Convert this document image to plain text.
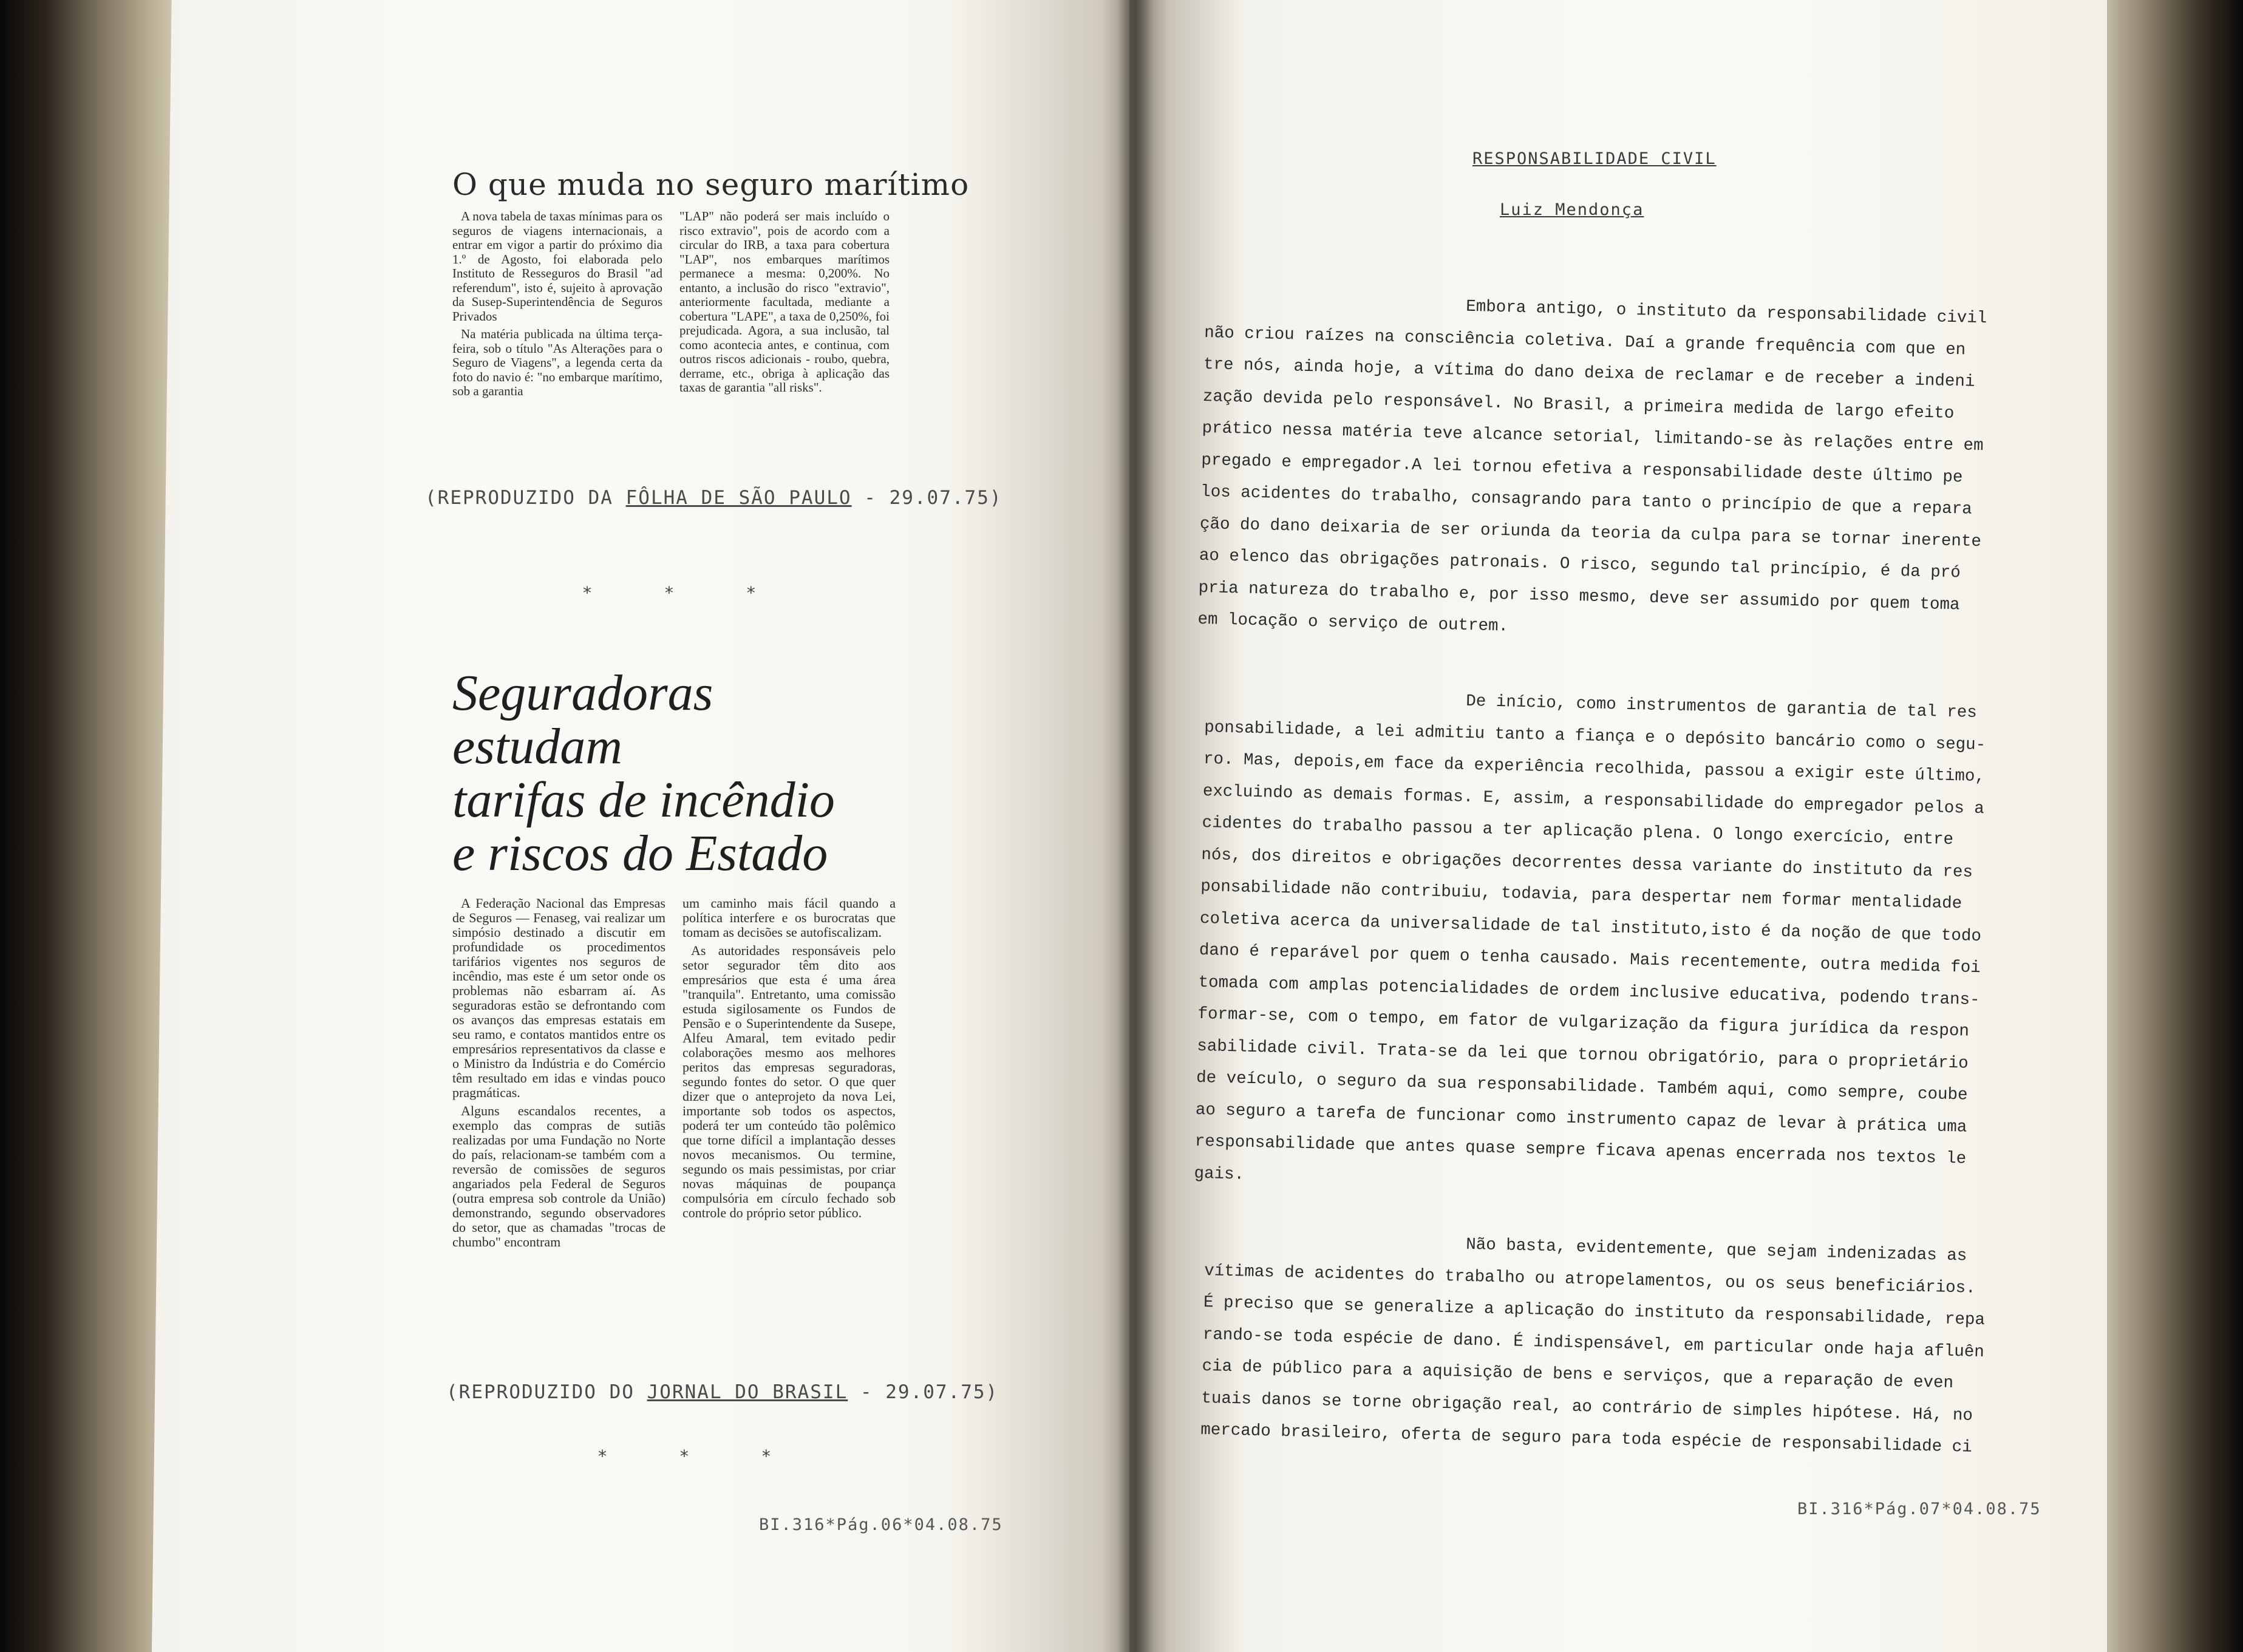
O que muda no seguro marítimo

A nova tabela de taxas mínimas para os seguros de viagens internacionais, a entrar em vigor a partir do próximo dia 1.º de Agosto, foi elaborada pelo Instituto de Resseguros do Brasil "ad referendum", isto é, sujeito à aprovação da Susep-Superintendência de Seguros Privados

Na matéria publicada na última terça-feira, sob o título "As Alterações para o Seguro de Viagens", a legenda certa da foto do navio é: "no embarque marítimo, sob a garantia

"LAP" não poderá ser mais incluído o risco extravio", pois de acordo com a circular do IRB, a taxa para cobertura "LAP", nos embarques marítimos permanece a mesma: 0,200%. No entanto, a inclusão do risco "extravio", anteriormente facultada, mediante a cobertura "LAPE", a taxa de 0,250%, foi prejudicada. Agora, a sua inclusão, tal como acontecia antes, e continua, com outros riscos adicionais - roubo, quebra, derrame, etc., obriga à aplicação das taxas de garantia "all risks".

(REPRODUZIDO DA FÔLHA DE SÃO PAULO - 29.07.75)
* * *
Seguradoras estudam
tarifas de incêndio
e riscos do Estado

A Federação Nacional das Empresas de Seguros — Fenaseg, vai realizar um simpósio destinado a discutir em profundidade os procedimentos tarifários vigentes nos seguros de incêndio, mas este é um setor onde os problemas não esbarram aí. As seguradoras estão se defrontando com os avanços das empresas estatais em seu ramo, e contatos mantidos entre os empresários representativos da classe e o Ministro da Indústria e do Comércio têm resultado em idas e vindas pouco pragmáticas.

Alguns escandalos recentes, a exemplo das compras de sutiãs realizadas por uma Fundação no Norte do país, relacionam-se também com a reversão de comissões de seguros angariados pela Federal de Seguros (outra empresa sob controle da União) demonstrando, segundo observadores do setor, que as chamadas "trocas de chumbo" encontram

um caminho mais fácil quando a política interfere e os burocratas que tomam as decisões se autofiscalizam.

As autoridades responsáveis pelo setor segurador têm dito aos empresários que esta é uma área "tranquila". Entretanto, uma comissão estuda sigilosamente os Fundos de Pensão e o Superintendente da Susepe, Alfeu Amaral, tem evitado pedir colaborações mesmo aos melhores peritos das empresas seguradoras, segundo fontes do setor. O que quer dizer que o anteprojeto da nova Lei, importante sob todos os aspectos, poderá ter um conteúdo tão polêmico que torne difícil a implantação desses novos mecanismos. Ou termine, segundo os mais pessimistas, por criar novas máquinas de poupança compulsória em círculo fechado sob controle do próprio setor público.

(REPRODUZIDO DO JORNAL DO BRASIL - 29.07.75)
* * *
BI.316*Pág.06*04.08.75
RESPONSABILIDADE CIVIL
Luiz Mendonça

Embora antigo, o instituto da responsabilidade civil

não criou raízes na consciência coletiva. Daí a grande frequência com que en

tre nós, ainda hoje, a vítima do dano deixa de reclamar e de receber a indeni

zação devida pelo responsável. No Brasil, a primeira medida de largo efeito

prático nessa matéria teve alcance setorial, limitando-se às relações entre em

pregado e empregador.A lei tornou efetiva a responsabilidade deste último pe

los acidentes do trabalho, consagrando para tanto o princípio de que a repara

ção do dano deixaria de ser oriunda da teoria da culpa para se tornar inerente

ao elenco das obrigações patronais. O risco, segundo tal princípio, é da pró

pria natureza do trabalho e, por isso mesmo, deve ser assumido por quem toma

em locação o serviço de outrem.

De início, como instrumentos de garantia de tal res

ponsabilidade, a lei admitiu tanto a fiança e o depósito bancário como o segu-

ro. Mas, depois,em face da experiência recolhida, passou a exigir este último,

excluindo as demais formas. E, assim, a responsabilidade do empregador pelos a

cidentes do trabalho passou a ter aplicação plena. O longo exercício, entre

nós, dos direitos e obrigações decorrentes dessa variante do instituto da res

ponsabilidade não contribuiu, todavia, para despertar nem formar mentalidade

coletiva acerca da universalidade de tal instituto,isto é da noção de que todo

dano é reparável por quem o tenha causado. Mais recentemente, outra medida foi

tomada com amplas potencialidades de ordem inclusive educativa, podendo trans-

formar-se, com o tempo, em fator de vulgarização da figura jurídica da respon

sabilidade civil. Trata-se da lei que tornou obrigatório, para o proprietário

de veículo, o seguro da sua responsabilidade. Também aqui, como sempre, coube

ao seguro a tarefa de funcionar como instrumento capaz de levar à prática uma

responsabilidade que antes quase sempre ficava apenas encerrada nos textos le

gais.

Não basta, evidentemente, que sejam indenizadas as

vítimas de acidentes do trabalho ou atropelamentos, ou os seus beneficiários.

É preciso que se generalize a aplicação do instituto da responsabilidade, repa

rando-se toda espécie de dano. É indispensável, em particular onde haja afluên

cia de público para a aquisição de bens e serviços, que a reparação de even

tuais danos se torne obrigação real, ao contrário de simples hipótese. Há, no

mercado brasileiro, oferta de seguro para toda espécie de responsabilidade ci

BI.316*Pág.07*04.08.75
